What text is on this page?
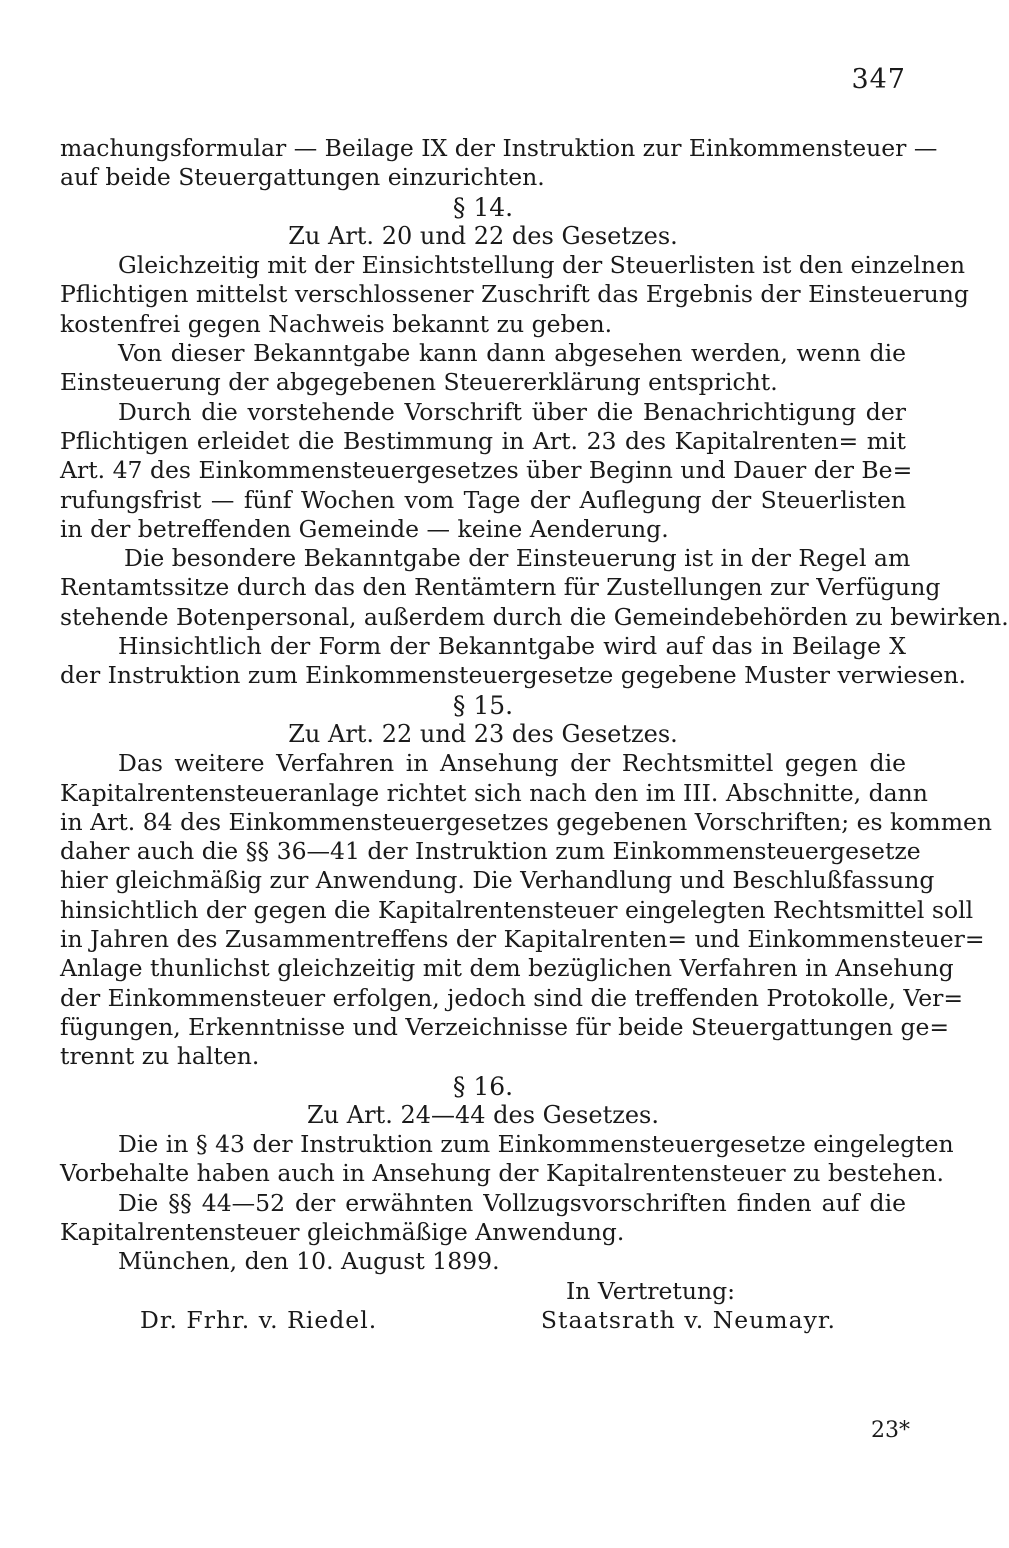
347
machungsformular — Beilage IX der Instruktion zur Einkommensteuer —
auf beide Steuergattungen einzurichten.
§ 14.
Zu Art. 20 und 22 des Gesetzes.
Gleichzeitig mit der Einsichtstellung der Steuerlisten ist den einzelnen
Pflichtigen mittelst verschlossener Zuschrift das Ergebnis der Einsteuerung
kostenfrei gegen Nachweis bekannt zu geben.
Von dieser Bekanntgabe kann dann abgesehen werden, wenn die
Einsteuerung der abgegebenen Steuererklärung entspricht.
Durch die vorstehende Vorschrift über die Benachrichtigung der
Pflichtigen erleidet die Bestimmung in Art. 23 des Kapitalrenten= mit
Art. 47 des Einkommensteuergesetzes über Beginn und Dauer der Be=
rufungsfrist — fünf Wochen vom Tage der Auflegung der Steuerlisten
in der betreffenden Gemeinde — keine Aenderung.
Die besondere Bekanntgabe der Einsteuerung ist in der Regel am
Rentamtssitze durch das den Rentämtern für Zustellungen zur Verfügung
stehende Botenpersonal, außerdem durch die Gemeindebehörden zu bewirken.
Hinsichtlich der Form der Bekanntgabe wird auf das in Beilage X
der Instruktion zum Einkommensteuergesetze gegebene Muster verwiesen.
§ 15.
Zu Art. 22 und 23 des Gesetzes.
Das weitere Verfahren in Ansehung der Rechtsmittel gegen die
Kapitalrentensteueranlage richtet sich nach den im III. Abschnitte, dann
in Art. 84 des Einkommensteuergesetzes gegebenen Vorschriften; es kommen
daher auch die §§ 36—41 der Instruktion zum Einkommensteuergesetze
hier gleichmäßig zur Anwendung. Die Verhandlung und Beschlußfassung
hinsichtlich der gegen die Kapitalrentensteuer eingelegten Rechtsmittel soll
in Jahren des Zusammentreffens der Kapitalrenten= und Einkommensteuer=
Anlage thunlichst gleichzeitig mit dem bezüglichen Verfahren in Ansehung
der Einkommensteuer erfolgen, jedoch sind die treffenden Protokolle, Ver=
fügungen, Erkenntnisse und Verzeichnisse für beide Steuergattungen ge=
trennt zu halten.
§ 16.
Zu Art. 24—44 des Gesetzes.
Die in § 43 der Instruktion zum Einkommensteuergesetze eingelegten
Vorbehalte haben auch in Ansehung der Kapitalrentensteuer zu bestehen.
Die §§ 44—52 der erwähnten Vollzugsvorschriften finden auf die
Kapitalrentensteuer gleichmäßige Anwendung.
München, den 10. August 1899.
In Vertretung:
Dr. Frhr. v. Riedel.	Staatsrath v. Neumayr.
23*
